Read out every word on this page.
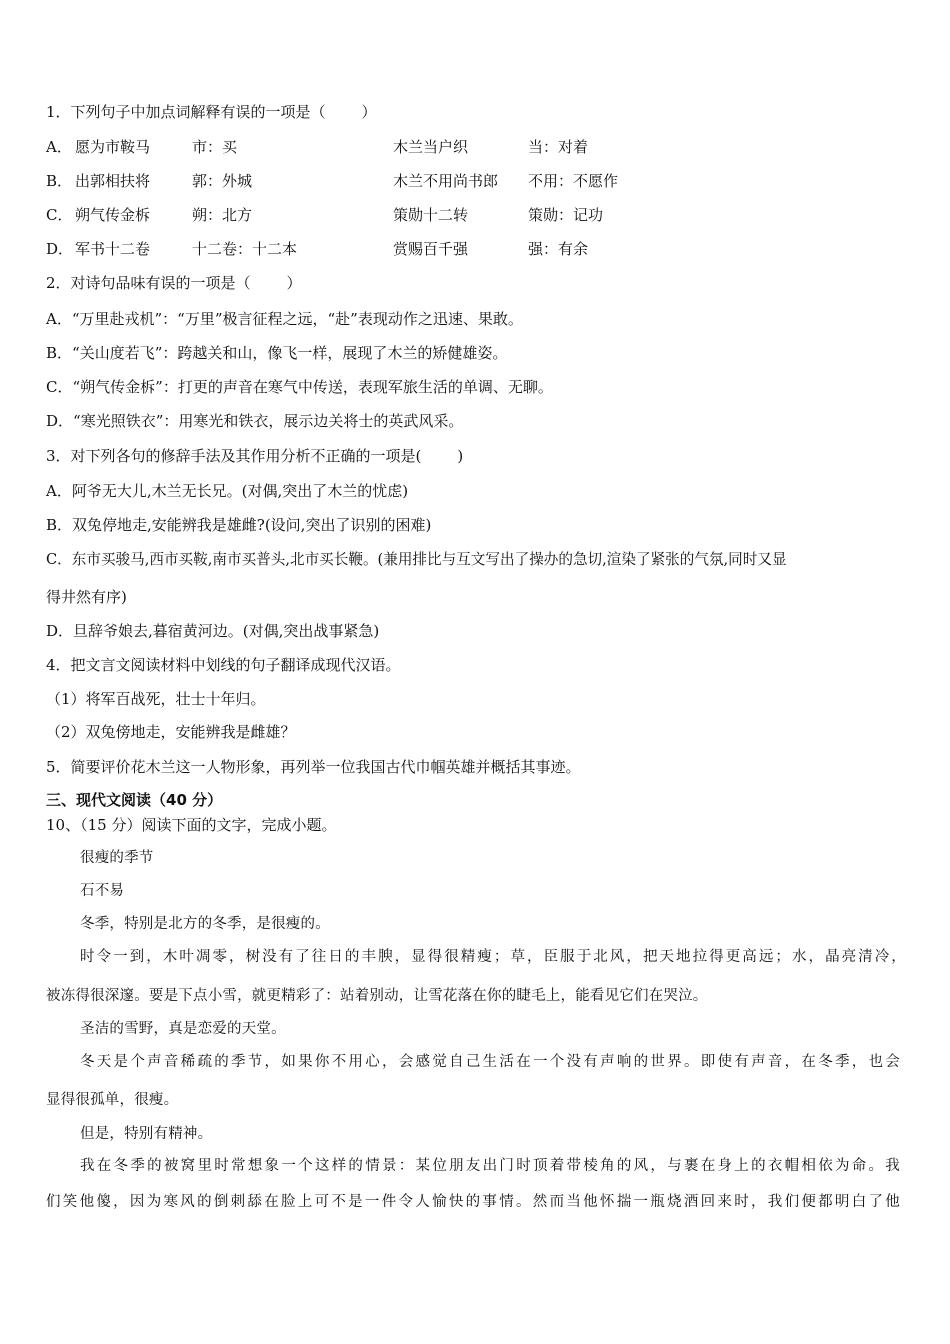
1．下列句子中加点词解释有误的一项是（ ）
A． 愿为市鞍马	市：买	木兰当户织	当：对着
B． 出郭相扶将	郭：外城	木兰不用尚书郎 不用：不愿作
C． 朔气传金柝	朔：北方	策勋十二转	策勋：记功
D． 军书十二卷	十二卷：十二本	赏赐百千强	强：有余
2．对诗句品味有误的一项是（ ）
A．“万里赴戎机”：“万里”极言征程之远，“赴”表现动作之迅速、果敢。
B．“关山度若飞”：跨越关和山，像飞一样，展现了木兰的矫健雄姿。
C．“朔气传金柝”：打更的声音在寒气中传送，表现军旅生活的单调、无聊。
D．“寒光照铁衣”：用寒光和铁衣，展示边关将士的英武风采。
3．对下列各句的修辞手法及其作用分析不正确的一项是( )
A．阿爷无大儿,木兰无长兄。(对偶,突出了木兰的忧虑)
B．双兔停地走,安能辨我是雄雌?(设问,突出了识别的困难)
C．东市买骏马,西市买鞍,南市买普头,北市买长鞭。(兼用排比与互文写出了操办的急切,渲染了紧张的气氛,同时又显
得井然有序)
D．旦辞爷娘去,暮宿黄河边。(对偶,突出战事紧急)
4．把文言文阅读材料中划线的句子翻译成现代汉语。
（1）将军百战死，壮士十年归。
（2）双兔傍地走，安能辨我是雌雄？
5．简要评价花木兰这一人物形象，再列举一位我国古代巾帼英雄并概括其事迹。
三、现代文阅读（40 分）
10、（15 分）阅读下面的文字，完成小题。
很瘦的季节
石不易
冬季，特别是北方的冬季，是很瘦的。
时令一到，木叶凋零，树没有了往日的丰腴，显得很精瘦；草，臣服于北风，把天地拉得更高远；水，晶亮清冷，
被冻得很深邃。要是下点小雪，就更精彩了：站着别动，让雪花落在你的睫毛上，能看见它们在哭泣。
圣洁的雪野，真是恋爱的天堂。
冬天是个声音稀疏的季节，如果你不用心，会感觉自己生活在一个没有声响的世界。即使有声音，在冬季，也会
显得很孤单，很瘦。
但是，特别有精神。
我在冬季的被窝里时常想象一个这样的情景：某位朋友出门时顶着带棱角的风，与裹在身上的衣帽相依为命。我
们笑他傻，因为寒风的倒刺舔在脸上可不是一件令人愉快的事情。然而当他怀揣一瓶烧酒回来时，我们便都明白了他
